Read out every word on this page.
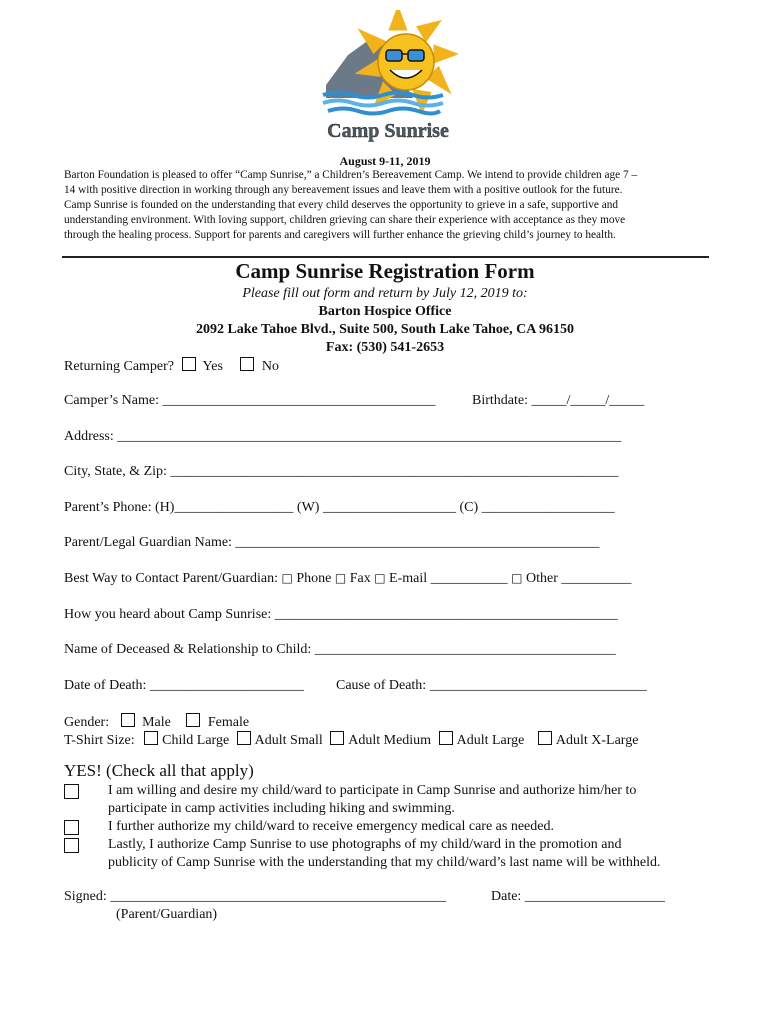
Camp Sunrise
August 9-11, 2019
Barton Foundation is pleased to offer “Camp Sunrise,” a Children’s Bereavement Camp. We intend to provide children age 7 –
14 with positive direction in working through any bereavement issues and leave them with a positive outlook for the future.
Camp Sunrise is founded on the understanding that every child deserves the opportunity to grieve in a safe, supportive and
understanding environment. With loving support, children grieving can share their experience with acceptance as they move
through the healing process. Support for parents and caregivers will further enhance the grieving child’s journey to health.
Camp Sunrise Registration Form
Please fill out form and return by July 12, 2019 to:
Barton Hospice Office
2092 Lake Tahoe Blvd., Suite 500, South Lake Tahoe, CA 96150
Fax: (530) 541-2653
Returning Camper? Yes	No
Camper’s Name: _______________________________________	Birthdate: _____/_____/_____
Address: ________________________________________________________________________
City, State, & Zip: ________________________________________________________________
Parent’s Phone: (H)_________________ (W) ___________________ (C) ___________________
Parent/Legal Guardian Name: ____________________________________________________
Best Way to Contact Parent/Guardian: □ Phone □ Fax □ E-mail ___________ □ Other __________
How you heard about Camp Sunrise: _________________________________________________
Name of Deceased & Relationship to Child: ___________________________________________
Date of Death: ______________________ Cause of Death: _______________________________
Gender: Male	Female
T-Shirt Size: Child Large Adult Small Adult Medium Adult Large Adult X-Large
YES! (Check all that apply)
I am willing and desire my child/ward to participate in Camp Sunrise and authorize him/her to
participate in camp activities including hiking and swimming.
I further authorize my child/ward to receive emergency medical care as needed.
Lastly, I authorize Camp Sunrise to use photographs of my child/ward in the promotion and
publicity of Camp Sunrise with the understanding that my child/ward’s last name will be withheld.
Signed: ________________________________________________	Date: ____________________
(Parent/Guardian)
